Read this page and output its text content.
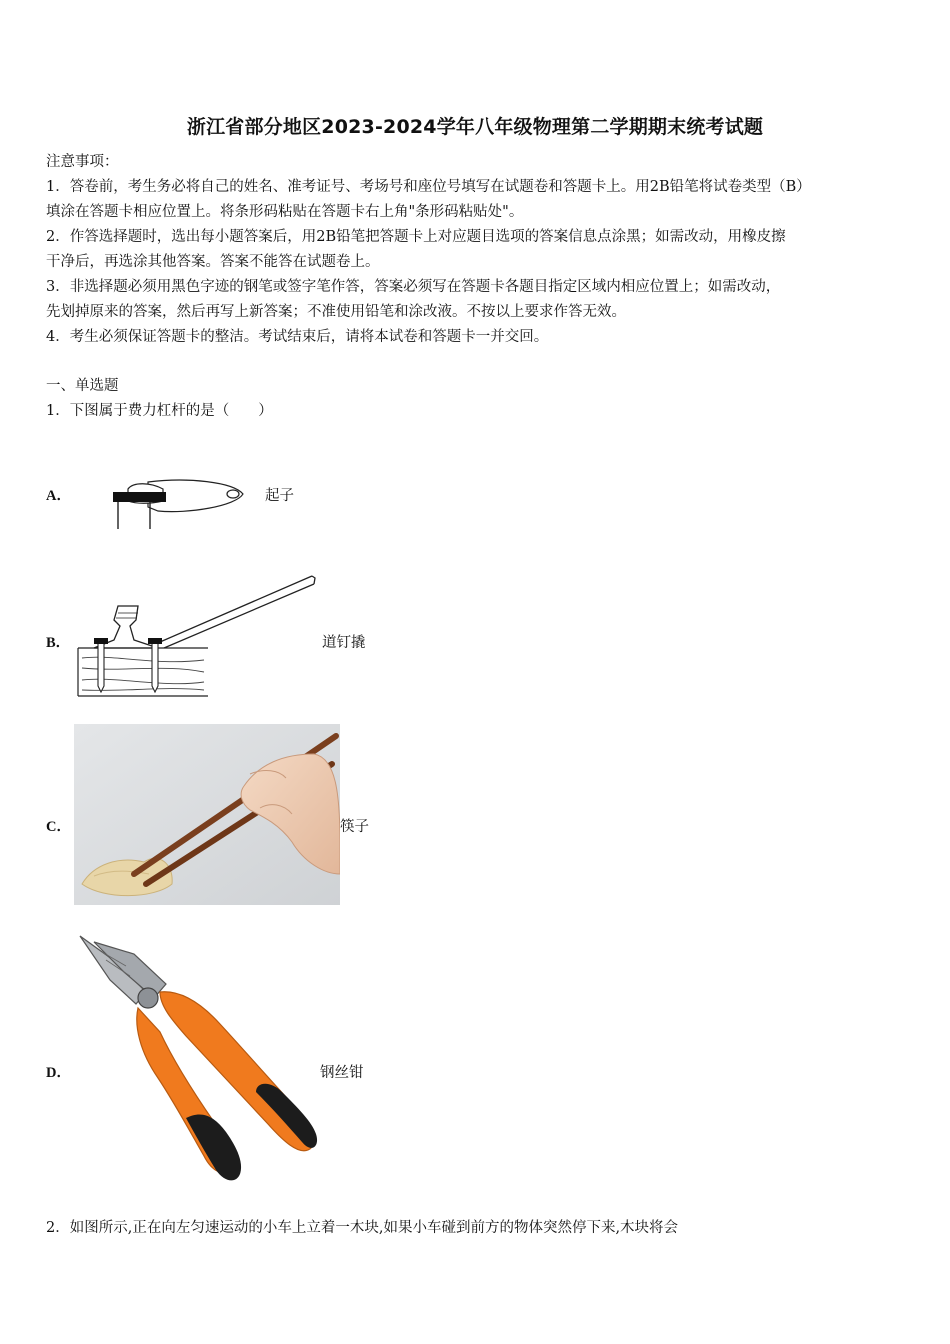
浙江省部分地区2023-2024学年八年级物理第二学期期末统考试题
注意事项：
1．答卷前，考生务必将自己的姓名、准考证号、考场号和座位号填写在试题卷和答题卡上。用2B铅笔将试卷类型（B）
填涂在答题卡相应位置上。将条形码粘贴在答题卡右上角"条形码粘贴处"。
2．作答选择题时，选出每小题答案后，用2B铅笔把答题卡上对应题目选项的答案信息点涂黑；如需改动，用橡皮擦
干净后，再选涂其他答案。答案不能答在试题卷上。
3．非选择题必须用黑色字迹的钢笔或签字笔作答，答案必须写在答题卡各题目指定区域内相应位置上；如需改动，
先划掉原来的答案，然后再写上新答案；不准使用铅笔和涂改液。不按以上要求作答无效。
4．考生必须保证答题卡的整洁。考试结束后，请将本试卷和答题卡一并交回。
一、单选题
1．下图属于费力杠杆的是（　　）
A．	起子
B．	道钉撬
C．	筷子
D．	钢丝钳
2．如图所示,正在向左匀速运动的小车上立着一木块,如果小车碰到前方的物体突然停下来,木块将会
